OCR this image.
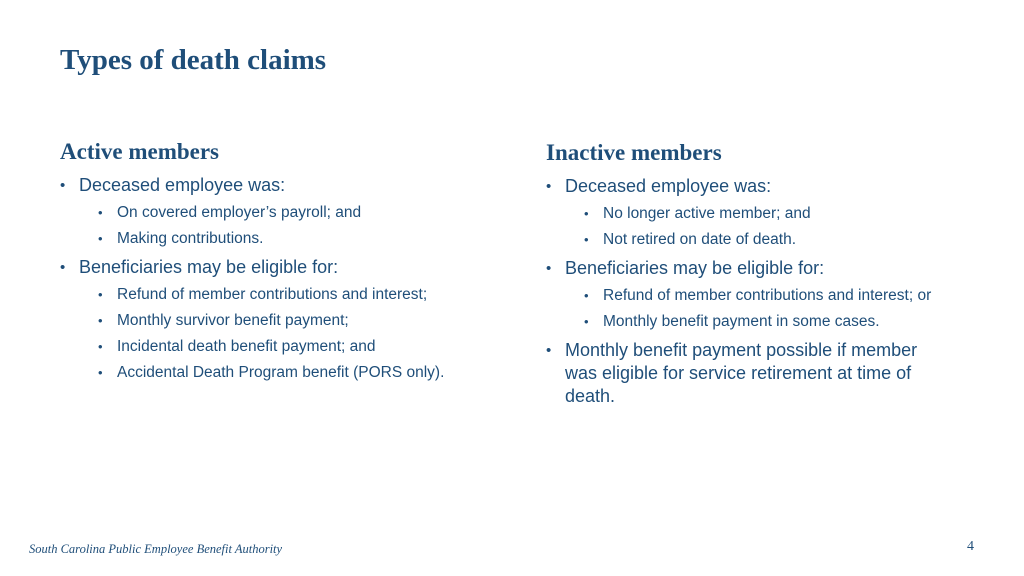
Types of death claims
Active members
• Deceased employee was:
• On covered employer’s payroll; and
• Making contributions.
• Beneficiaries may be eligible for:
• Refund of member contributions and interest;
• Monthly survivor benefit payment;
• Incidental death benefit payment; and
• Accidental Death Program benefit (PORS only).
Inactive members
• Deceased employee was:
• No longer active member; and
• Not retired on date of death.
• Beneficiaries may be eligible for:
• Refund of member contributions and interest; or
• Monthly benefit payment in some cases.
• Monthly benefit payment possible if member was eligible for service retirement at time of death.
South Carolina Public Employee Benefit Authority	4
